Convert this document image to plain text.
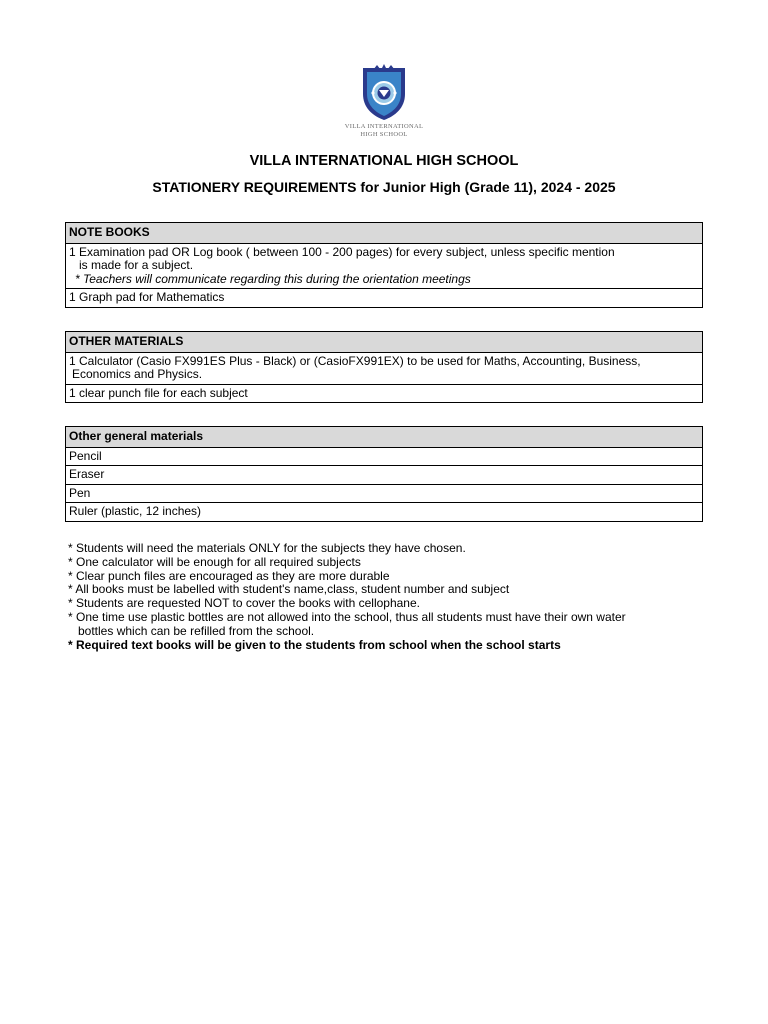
VILLA INTERNATIONAL
HIGH SCHOOL
VILLA INTERNATIONAL HIGH SCHOOL
STATIONERY REQUIREMENTS for Junior High (Grade 11), 2024 - 2025
NOTE BOOKS
1 Examination pad OR Log book ( between 100 - 200 pages) for every subject, unless specific mention
is made for a subject.
* Teachers will communicate regarding this during the orientation meetings

1 Graph pad for Mathematics
OTHER MATERIALS
1 Calculator (Casio FX991ES Plus - Black) or (CasioFX991EX) to be used for Maths, Accounting, Business,
Economics and Physics.

1 clear punch file for each subject
Other general materials
Pencil
Eraser
Pen
Ruler (plastic, 12 inches)
* Students will need the materials ONLY for the subjects they have chosen.
* One calculator will be enough for all required subjects
* Clear punch files are encouraged as they are more durable
* All books must be labelled with student's name,class, student number and subject
* Students are requested NOT to cover the books with cellophane.
* One time use plastic bottles are not allowed into the school, thus all students must have their own water
bottles which can be refilled from the school.
* Required text books will be given to the students from school when the school starts
